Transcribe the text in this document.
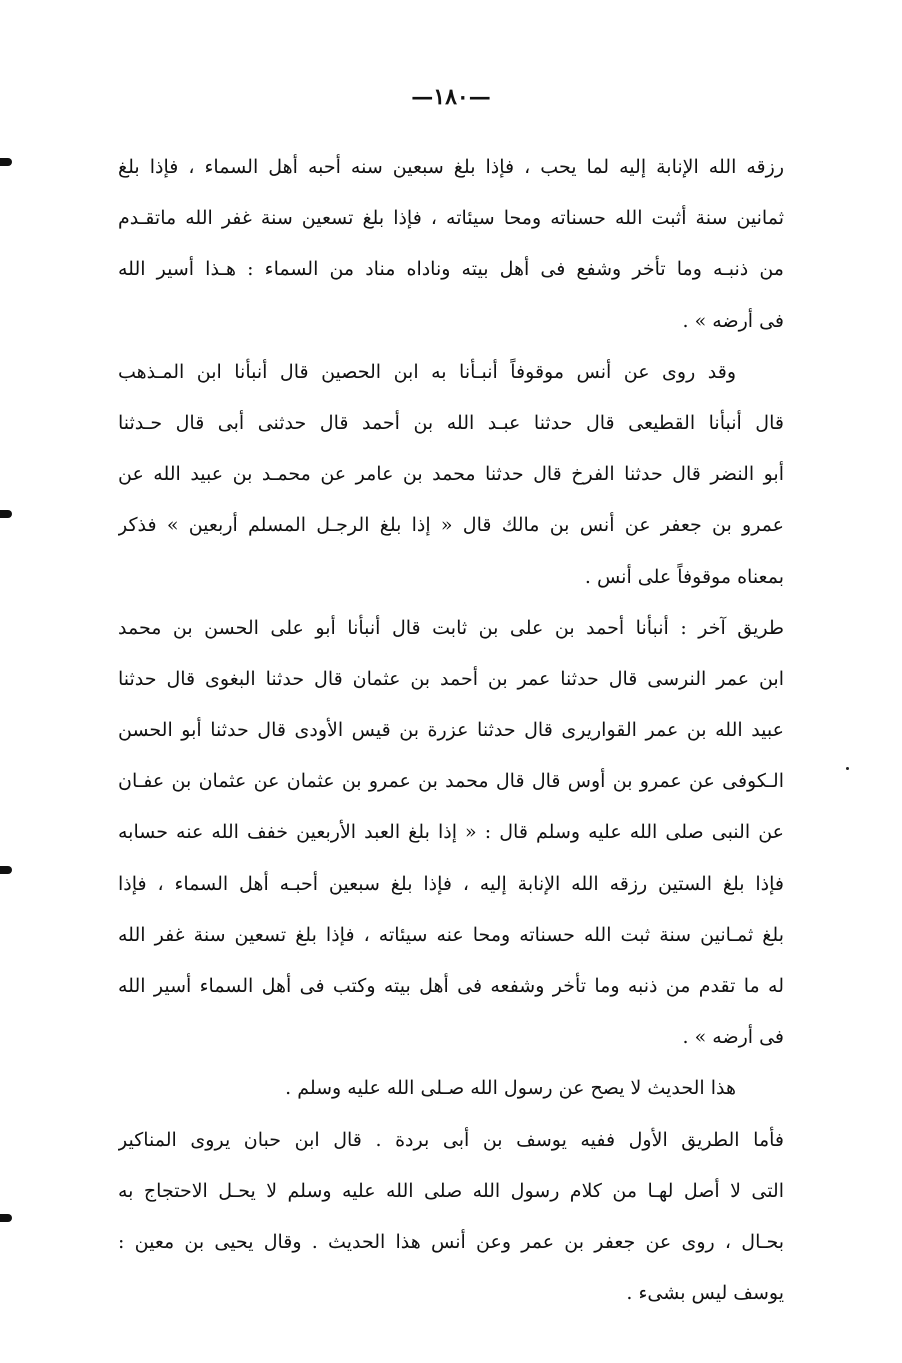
—١٨٠—
رزقه الله الإنابة إليه لما يحب ، فإذا بلغ سبعين سنه أحبه أهل السماء ، فإذا بلغ
ثمانين سنة أثبت الله حسناته ومحا سيئاته ، فإذا بلغ تسعين سنة غفر الله ماتقـدم
من ذنبـه وما تأخر وشفع فى أهل بيته وناداه مناد من السماء : هـذا أسير الله
فى أرضه » .
وقد روى عن أنس موقوفاً أنبـأنا به ابن الحصين قال أنبأنا ابن المـذهب
قال أنبأنا القطيعى قال حدثنا عبـد الله بن أحمد قال حدثنى أبى قال حـدثنا
أبو النضر قال حدثنا الفرخ قال حدثنا محمد بن عامر عن محمـد بن عبيد الله عن
عمرو بن جعفر عن أنس بن مالك قال « إذا بلغ الرجـل المسلم أربعين » فذكر
بمعناه موقوفاً على أنس .
طريق آخر : أنبأنا أحمد بن على بن ثابت قال أنبأنا أبو على الحسن بن محمد
ابن عمر النرسى قال حدثنا عمر بن أحمد بن عثمان قال حدثنا البغوى قال حدثنا
عبيد الله بن عمر القواريرى قال حدثنا عزرة بن قيس الأودى قال حدثنا أبو الحسن
الـكوفى عن عمرو بن أوس قال قال محمد بن عمرو بن عثمان عن عثمان بن عفـان
عن النبى صلى الله عليه وسلم قال : « إذا بلغ العبد الأربعين خفف الله عنه حسابه
فإذا بلغ الستين رزقه الله الإنابة إليه ، فإذا بلغ سبعين أحبـه أهل السماء ، فإذا
بلغ ثمـانين سنة ثبت الله حسناته ومحا عنه سيئاته ، فإذا بلغ تسعين سنة غفر الله
له ما تقدم من ذنبه وما تأخر وشفعه فى أهل بيته وكتب فى أهل السماء أسير الله
فى أرضه » .
هذا الحديث لا يصح عن رسول الله صـلى الله عليه وسلم .
فأما الطريق الأول ففيه يوسف بن أبى بردة . قال ابن حبان يروى المناكير
التى لا أصل لهـا من كلام رسول الله صلى الله عليه وسلم لا يحـل الاحتجاج به
بحـال ، روى عن جعفر بن عمر وعن أنس هذا الحديث . وقال يحيى بن معين :
يوسف ليس بشىء .
